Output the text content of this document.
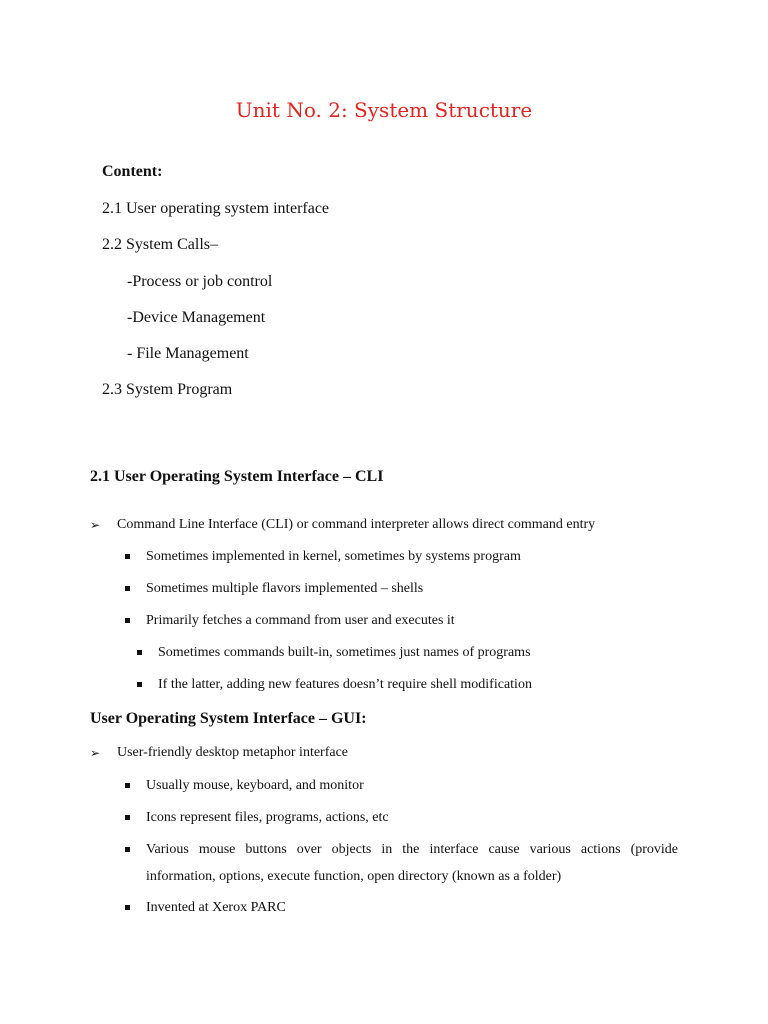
Unit No. 2: System Structure
Content:
2.1 User operating system interface
2.2 System Calls–
-Process or job control
-Device Management
- File Management
2.3 System Program
2.1 User Operating System Interface – CLI
➢ Command Line Interface (CLI) or command interpreter allows direct command entry
Sometimes implemented in kernel, sometimes by systems program
Sometimes multiple flavors implemented – shells
Primarily fetches a command from user and executes it
Sometimes commands built-in, sometimes just names of programs
If the latter, adding new features doesn’t require shell modification
User Operating System Interface – GUI:
➢ User-friendly desktop metaphor interface
Usually mouse, keyboard, and monitor
Icons represent files, programs, actions, etc
Various mouse buttons over objects in the interface cause various actions (provide information, options, execute function, open directory (known as a folder)
Invented at Xerox PARC
